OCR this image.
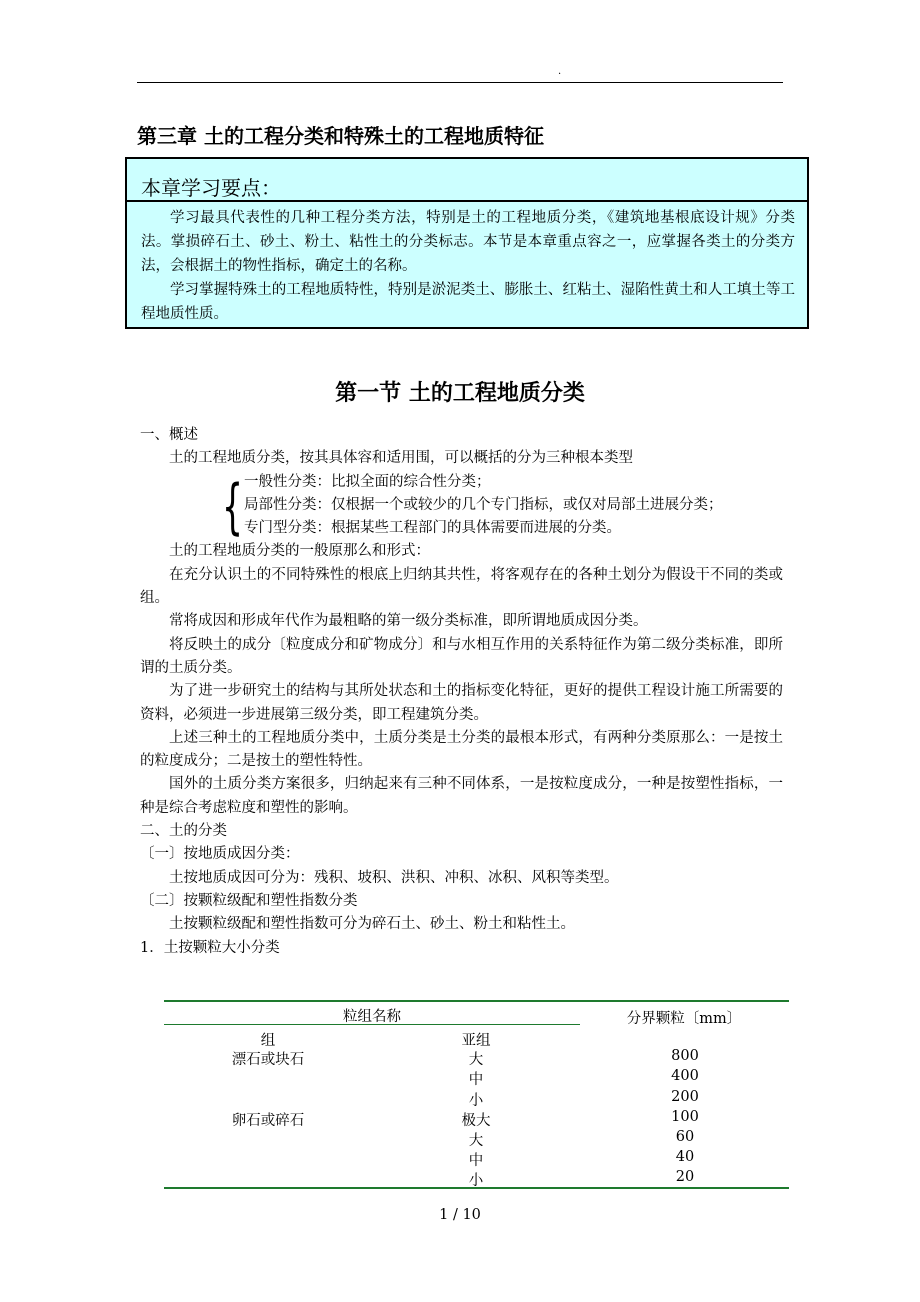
.
第三章 土的工程分类和特殊土的工程地质特征
本章学习要点：

学习最具代表性的几种工程分类方法，特别是土的工程地质分类，《建筑地基根底设计规》分类法。掌损碎石土、砂土、粉土、粘性土的分类标志。本节是本章重点容之一，应掌握各类土的分类方法，会根据土的物性指标，确定土的名称。

学习掌握特殊土的工程地质特性，特别是淤泥类土、膨胀土、红粘土、湿陷性黄土和人工填土等工程地质性质。

第一节 土的工程地质分类

一、概述

土的工程地质分类，按其具体容和适用围，可以概括的分为三种根本类型

{ 一般性分类：比拟全面的综合性分类；

局部性分类：仅根据一个或较少的几个专门指标，或仅对局部土进展分类；

专门型分类：根据某些工程部门的具体需要而进展的分类。

土的工程地质分类的一般原那么和形式：

在充分认识土的不同特殊性的根底上归纳其共性，将客观存在的各种土划分为假设干不同的类或组。

常将成因和形成年代作为最粗略的第一级分类标准，即所谓地质成因分类。

将反映土的成分〔粒度成分和矿物成分〕和与水相互作用的关系特征作为第二级分类标准，即所谓的土质分类。

为了进一步研究土的结构与其所处状态和土的指标变化特征，更好的提供工程设计施工所需要的资料，必须进一步进展第三级分类，即工程建筑分类。

上述三种土的工程地质分类中，土质分类是土分类的最根本形式，有两种分类原那么：一是按土的粒度成分；二是按土的塑性特性。

国外的土质分类方案很多，归纳起来有三种不同体系，一是按粒度成分，一种是按塑性指标，一种是综合考虑粒度和塑性的影响。

二、土的分类

〔一〕按地质成因分类：

土按地质成因可分为：残积、坡积、洪积、冲积、冰积、风积等类型。

〔二〕按颗粒级配和塑性指数分类

土按颗粒级配和塑性指数可分为碎石土、砂土、粉土和粘性土。

1．土按颗粒大小分类

粒组名称	分界颗粒〔mm〕
组	亚组
漂石或块石
卵石或碎石
大
中
小
极大
大
中
小
800
400
200
100
60
40
20
1 / 10
